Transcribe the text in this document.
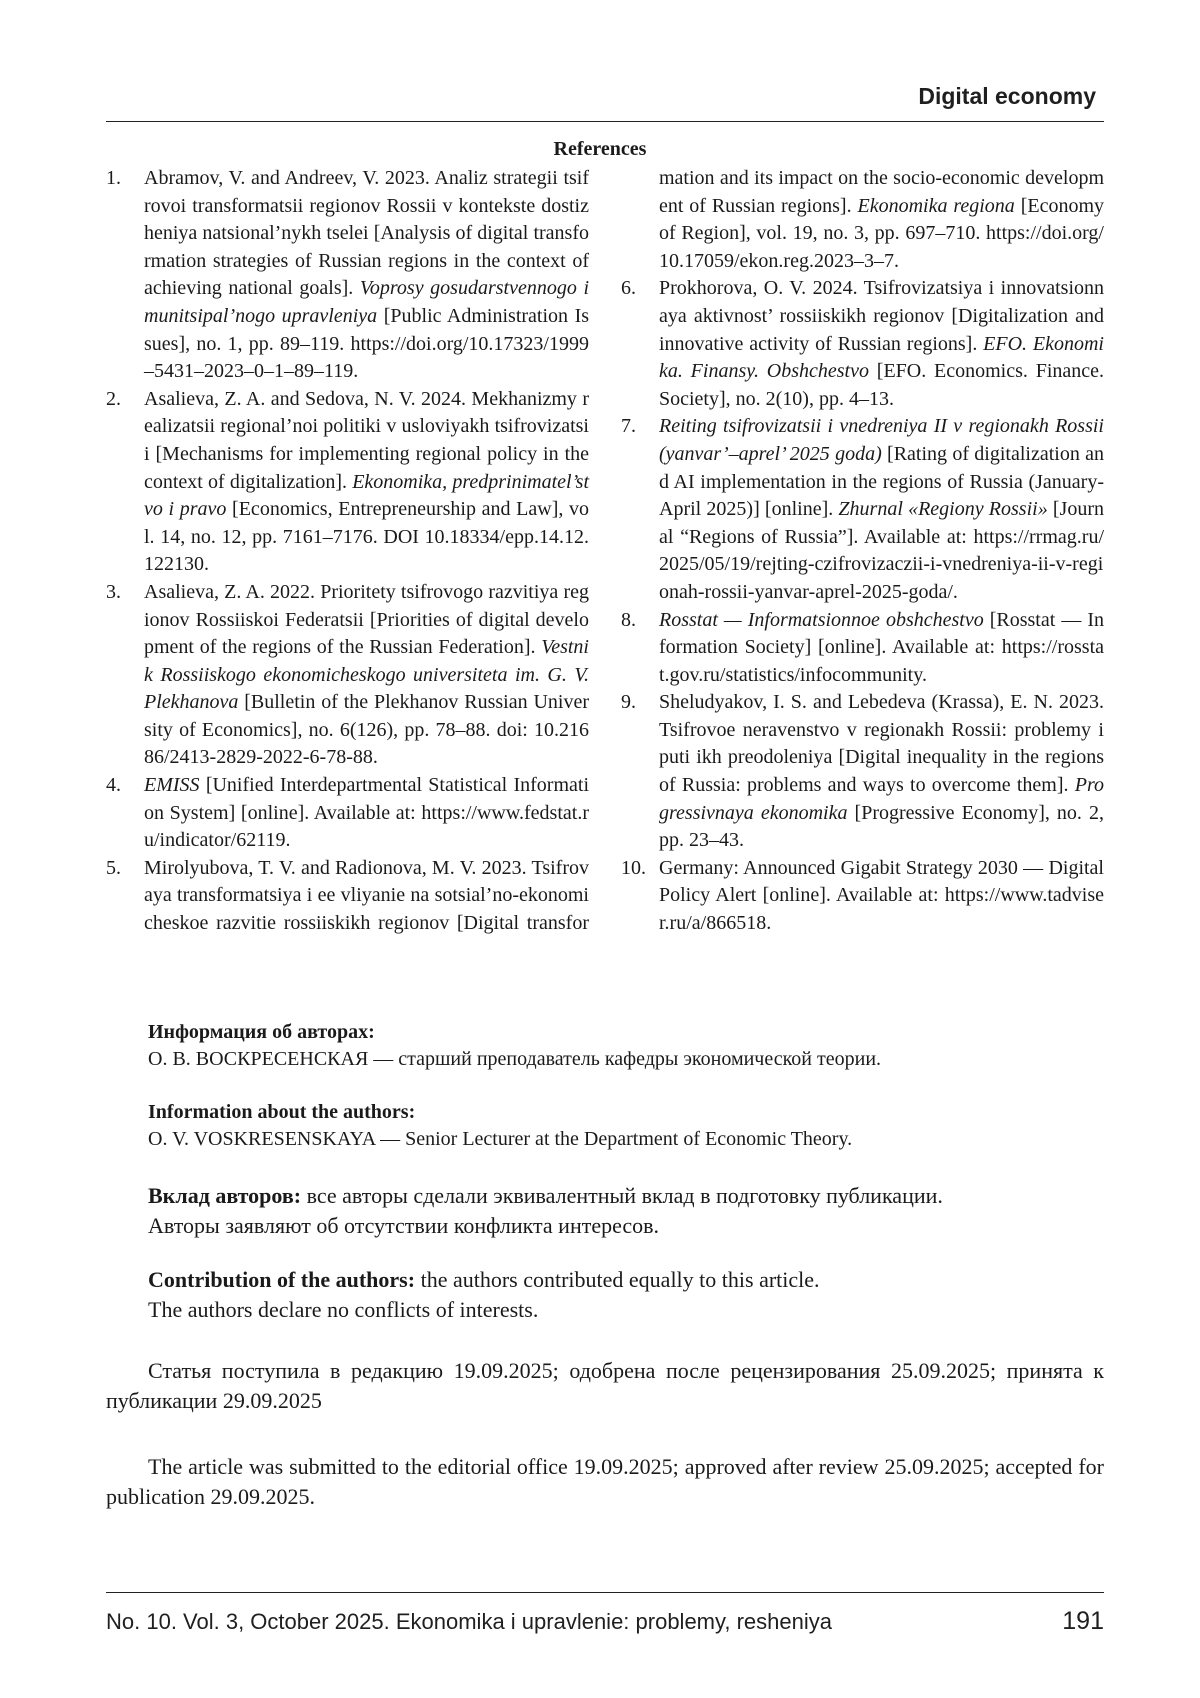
Digital economy
References
1.	Abramov, V. and Andreev, V. 2023. Analiz strategii tsifrovoi transformatsii regionov Rossii v kontekste dostizheniya natsional’nykh tselei [Analysis of digital transformation strategies of Russian regions in the context of achieving national goals]. Voprosy gosudarstvennogo i munitsipal’nogo upravleniya [Public Administration Issues], no. 1, pp. 89–119. https://doi.org/10.17323/1999–5431–2023–0–1–89–119.
2.	Asalieva, Z. A. and Sedova, N. V. 2024. Mekhanizmy realizatsii regional’noi politiki v usloviyakh tsifrovizatsii [Mechanisms for implementing regional policy in the context of digitalization]. Ekonomika, predprinimatel’stvo i pravo [Economics, Entrepreneurship and Law], vol. 14, no. 12, pp. 7161–7176. DOI 10.18334/epp.14.12.122130.
3.	Asalieva, Z. A. 2022. Prioritety tsifrovogo razvitiya regionov Rossiiskoi Federatsii [Priorities of digital development of the regions of the Russian Federation]. Vestnik Rossiiskogo ekonomicheskogo universiteta im. G. V. Plekhanova [Bulletin of the Plekhanov Russian University of Economics], no. 6(126), pp. 78–88. doi: 10.21686/2413-2829-2022-6-78-88.
4.	EMISS [Unified Interdepartmental Statistical Information System] [online]. Available at: https://www.fedstat.ru/indicator/62119.
5.	Mirolyubova, T. V. and Radionova, M. V. 2023. Tsifrovaya transformatsiya i ee vliyanie na sotsial’no-ekonomicheskoe razvitie rossiiskikh regionov [Digital transformation and its impact on the socio-economic development of Russian regions]. Ekonomika regiona [Economy of Region], vol. 19, no. 3, pp. 697–710. https://doi.org/10.17059/ekon.reg.2023–3–7.
6.	Prokhorova, O. V. 2024. Tsifrovizatsiya i innovatsionnaya aktivnost’ rossiiskikh regionov [Digitalization and innovative activity of Russian regions]. EFO. Ekonomika. Finansy. Obshchestvo [EFO. Economics. Finance. Society], no. 2(10), pp. 4–13.
7.	Reiting tsifrovizatsii i vnedreniya II v regionakh Rossii (yanvar’–aprel’ 2025 goda) [Rating of digitalization and AI implementation in the regions of Russia (January-April 2025)] [online]. Zhurnal «Regiony Rossii» [Journal “Regions of Russia”]. Available at: https://rrmag.ru/2025/05/19/rejting-czifrovizaczii-i-vnedreniya-ii-v-regionah-rossii-yanvar-aprel-2025-goda/.
8.	Rosstat — Informatsionnoe obshchestvo [Rosstat — Information Society] [online]. Available at: https://rosstat.gov.ru/statistics/infocommunity.
9.	Sheludyakov, I. S. and Lebedeva (Krassa), E. N. 2023. Tsifrovoe neravenstvo v regionakh Rossii: problemy i puti ikh preodoleniya [Digital inequality in the regions of Russia: problems and ways to overcome them]. Progressivnaya ekonomika [Progressive Economy], no. 2, pp. 23–43.
10. Germany: Announced Gigabit Strategy 2030 — Digital Policy Alert [online]. Available at: https://www.tadviser.ru/a/866518.
Информация об авторах:
О. В. ВОСКРЕСЕНСКАЯ — старший преподаватель кафедры экономической теории.
Information about the authors:
O. V. VOSKRESENSKAYA — Senior Lecturer at the Department of Economic Theory.
Вклад авторов: все авторы сделали эквивалентный вклад в подготовку публикации.
Авторы заявляют об отсутствии конфликта интересов.
Contribution of the authors: the authors contributed equally to this article.
The authors declare no conflicts of interests.
Статья поступила в редакцию 19.09.2025; одобрена после рецензирования 25.09.2025; принята к публикации 29.09.2025
The article was submitted to the editorial office 19.09.2025; approved after review 25.09.2025; accepted for publication 29.09.2025.
No. 10. Vol. 3, October 2025. Ekonomika i upravlenie: problemy, resheniya	191
